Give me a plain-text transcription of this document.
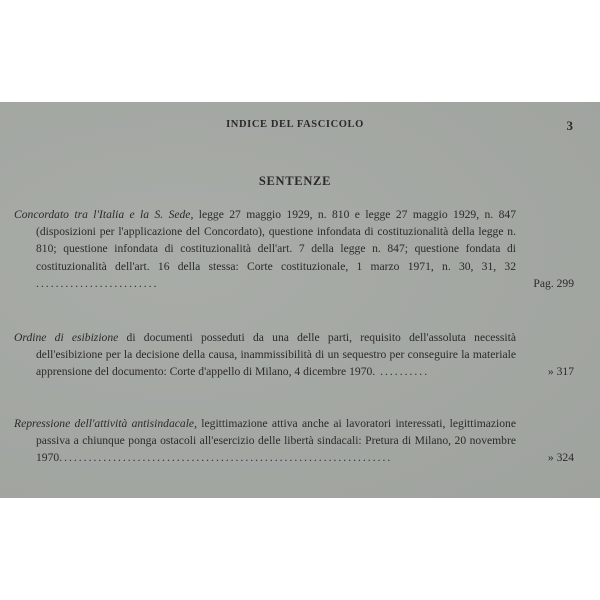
INDICE DEL FASCICOLO	3
SENTENZE

Concordato tra l'Italia e la S. Sede, legge 27 maggio 1929, n. 810 e legge 27 maggio 1929, n. 847 (disposizioni per l'applicazione del Concordato), questione infondata di costituzionalità della legge n. 810; questione infondata di costituzionalità dell'art. 7 della legge n. 847; questione fondata di costituzionalità dell'art. 16 della stessa: Corte costituzionale, 1 marzo 1971, n. 30, 31, 32 .........................	Pag. 299

Ordine di esibizione di documenti posseduti da una delle parti, requisito dell'assoluta necessità dell'esibizione per la decisione della causa, inammissibilità di un sequestro per conseguire la materiale apprensione del documento: Corte d'appello di Milano, 4 dicembre 1970. ..........	» 317

Repressione dell'attività antisindacale, legittimazione attiva anche ai lavoratori interessati, legittimazione passiva a chiunque ponga ostacoli all'esercizio delle libertà sindacali: Pretura di Milano, 20 novembre 1970....................................................................	» 324
